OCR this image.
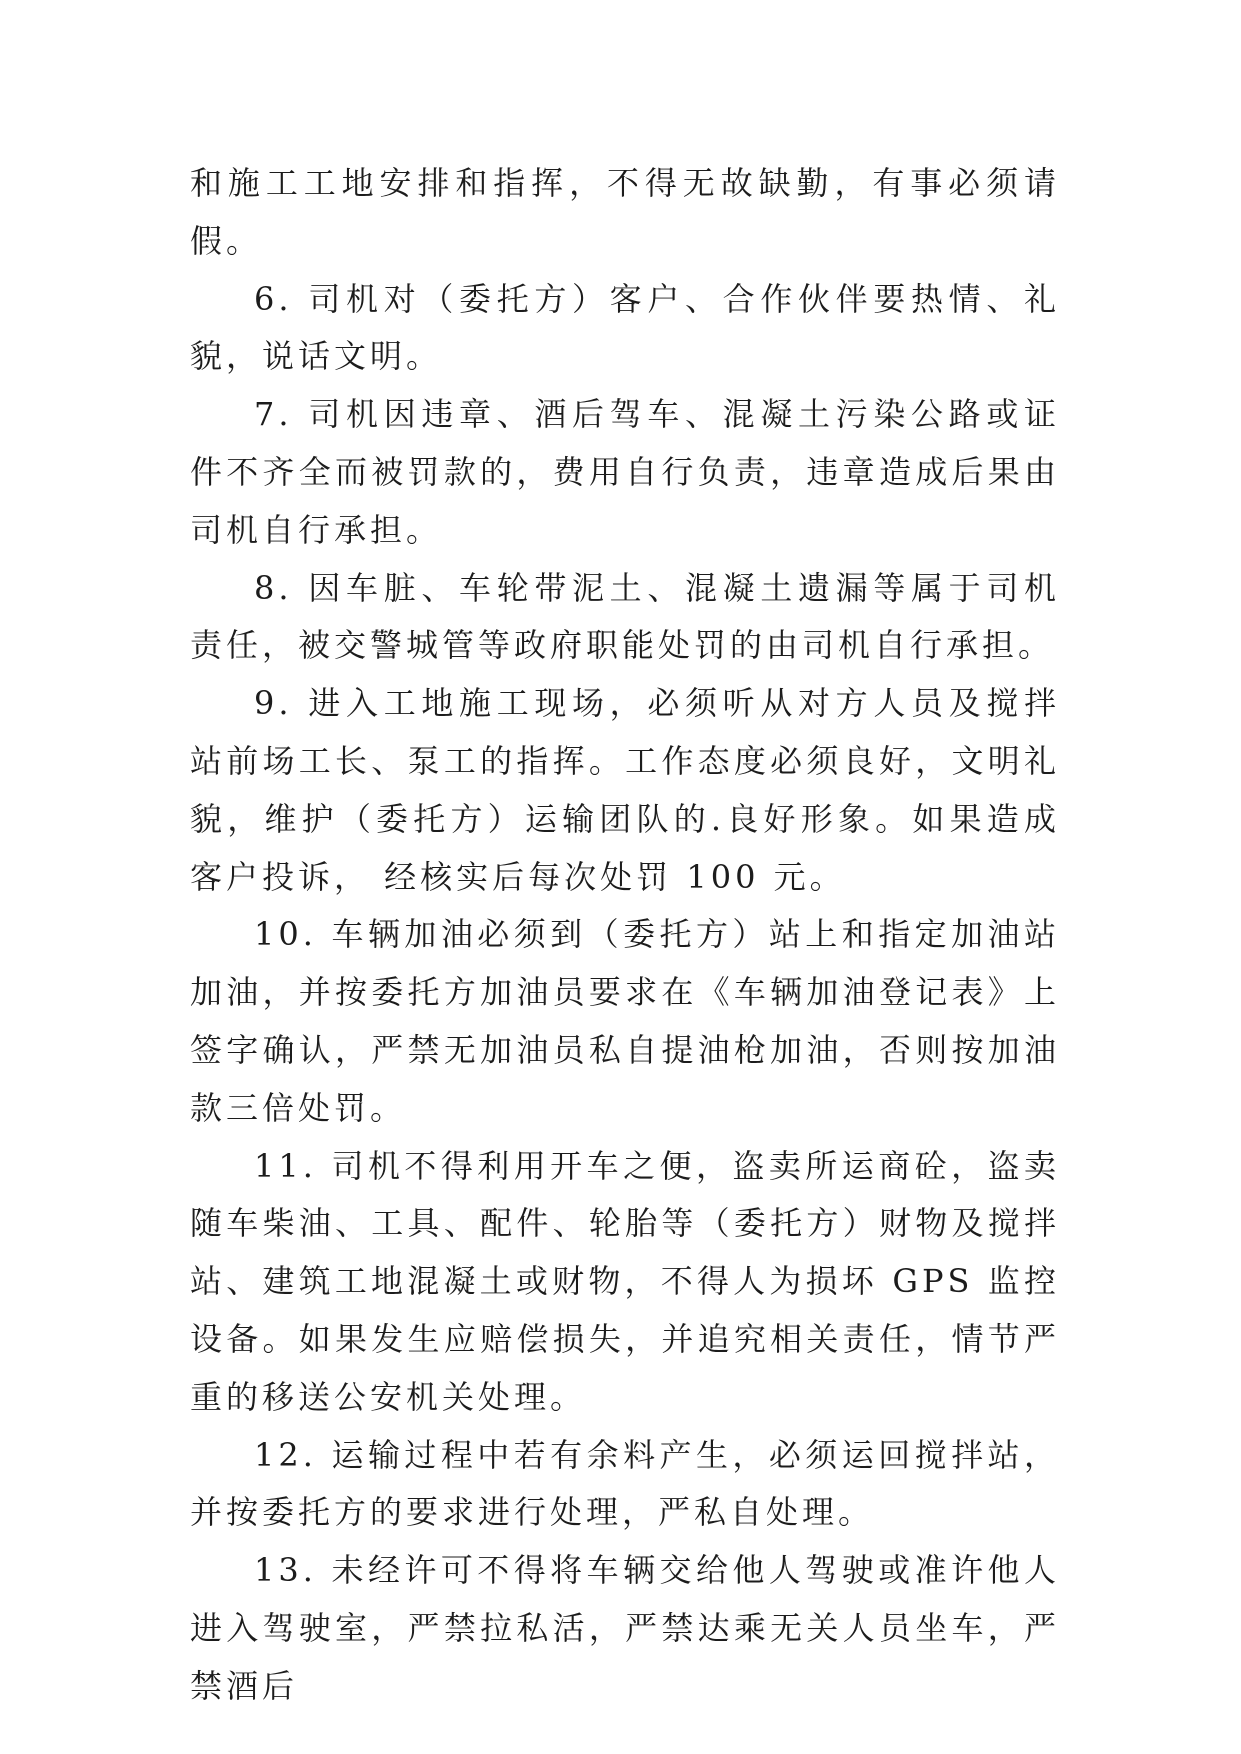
和施工工地安排和指挥，不得无故缺勤，有事必须请假。

6. 司机对（委托方）客户、合作伙伴要热情、礼貌，说话文明。

7. 司机因违章、酒后驾车、混凝土污染公路或证件不齐全而被罚款的，费用自行负责，违章造成后果由司机自行承担。

8. 因车脏、车轮带泥土、混凝土遗漏等属于司机责任，被交警城管等政府职能处罚的由司机自行承担。

9. 进入工地施工现场，必须听从对方人员及搅拌站前场工长、泵工的指挥。工作态度必须良好，文明礼貌，维护（委托方）运输团队的.良好形象。如果造成客户投诉， 经核实后每次处罚 100 元。

10. 车辆加油必须到（委托方）站上和指定加油站加油，并按委托方加油员要求在《车辆加油登记表》上签字确认，严禁无加油员私自提油枪加油，否则按加油款三倍处罚。

11. 司机不得利用开车之便，盗卖所运商砼，盗卖随车柴油、工具、配件、轮胎等（委托方）财物及搅拌站、建筑工地混凝土或财物，不得人为损坏 GPS 监控设备。如果发生应赔偿损失，并追究相关责任，情节严重的移送公安机关处理。

12. 运输过程中若有余料产生，必须运回搅拌站，并按委托方的要求进行处理，严私自处理。

13. 未经许可不得将车辆交给他人驾驶或准许他人进入驾驶室，严禁拉私活，严禁达乘无关人员坐车，严禁酒后
